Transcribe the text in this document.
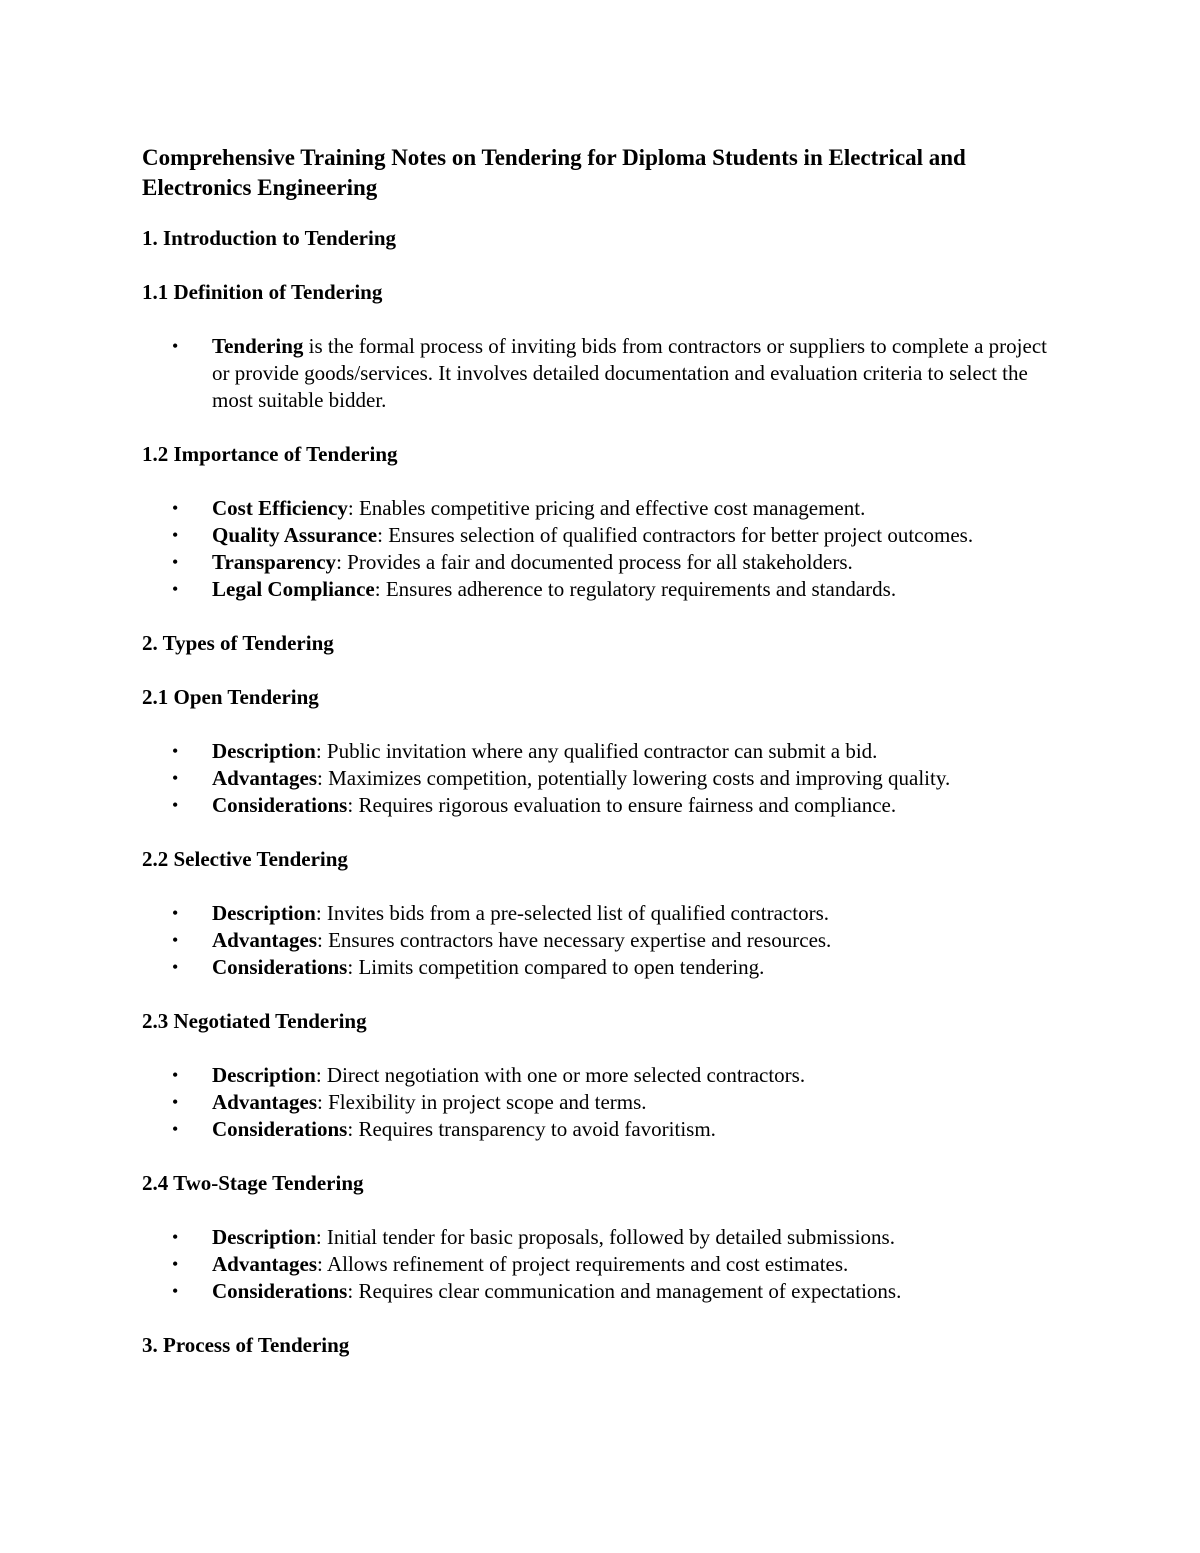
Comprehensive Training Notes on Tendering for Diploma Students in Electrical and Electronics Engineering
1. Introduction to Tendering
1.1 Definition of Tendering
• Tendering is the formal process of inviting bids from contractors or suppliers to complete a project or provide goods/services. It involves detailed documentation and evaluation criteria to select the most suitable bidder.
1.2 Importance of Tendering
• Cost Efficiency: Enables competitive pricing and effective cost management.
• Quality Assurance: Ensures selection of qualified contractors for better project outcomes.
• Transparency: Provides a fair and documented process for all stakeholders.
• Legal Compliance: Ensures adherence to regulatory requirements and standards.
2. Types of Tendering
2.1 Open Tendering
• Description: Public invitation where any qualified contractor can submit a bid.
• Advantages: Maximizes competition, potentially lowering costs and improving quality.
• Considerations: Requires rigorous evaluation to ensure fairness and compliance.
2.2 Selective Tendering
• Description: Invites bids from a pre-selected list of qualified contractors.
• Advantages: Ensures contractors have necessary expertise and resources.
• Considerations: Limits competition compared to open tendering.
2.3 Negotiated Tendering
• Description: Direct negotiation with one or more selected contractors.
• Advantages: Flexibility in project scope and terms.
• Considerations: Requires transparency to avoid favoritism.
2.4 Two-Stage Tendering
• Description: Initial tender for basic proposals, followed by detailed submissions.
• Advantages: Allows refinement of project requirements and cost estimates.
• Considerations: Requires clear communication and management of expectations.
3. Process of Tendering
